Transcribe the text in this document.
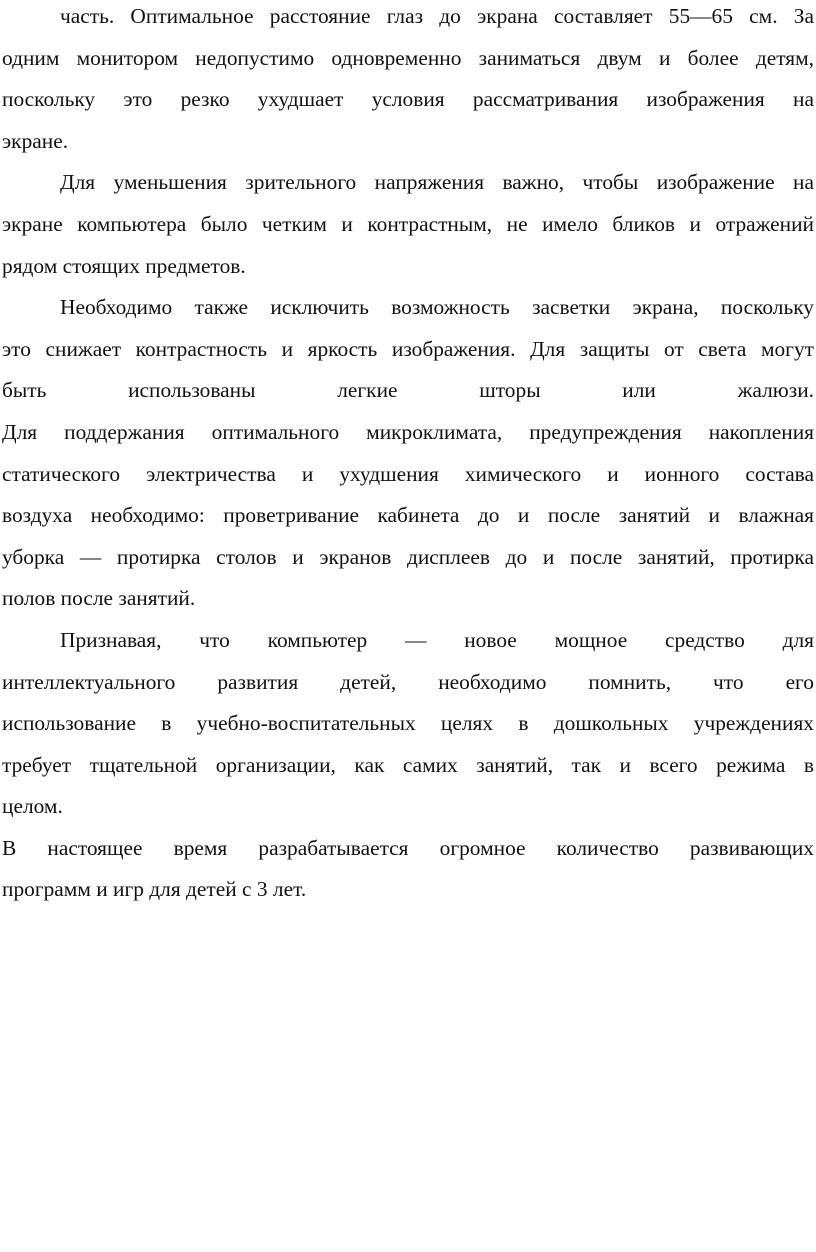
часть. Оптимальное расстояние глаз до экрана составляет 55—65 см. За
одним монитором недопустимо одновременно заниматься двум и более детям,
поскольку это резко ухудшает условия рассматривания изображения на
экране.

Для уменьшения зрительного напряжения важно, чтобы изображение на
экране компьютера было четким и контрастным, не имело бликов и отражений
рядом стоящих предметов.

Необходимо также исключить возможность засветки экрана, поскольку
это снижает контрастность и яркость изображения. Для защиты от света могут
быть использованы легкие шторы или жалюзи.
Для поддержания оптимального микроклимата, предупреждения накопления
статического электричества и ухудшения химического и ионного состава
воздуха необходимо: проветривание кабинета до и после занятий и влажная
уборка — протирка столов и экранов дисплеев до и после занятий, протирка
полов после занятий.

Признавая, что компьютер — новое мощное средство для
интеллектуального развития детей, необходимо помнить, что его
использование в учебно-воспитательных целях в дошкольных учреждениях
требует тщательной организации, как самих занятий, так и всего режима в
целом.

В настоящее время разрабатывается огромное количество развивающих
программ и игр для детей с 3 лет.
